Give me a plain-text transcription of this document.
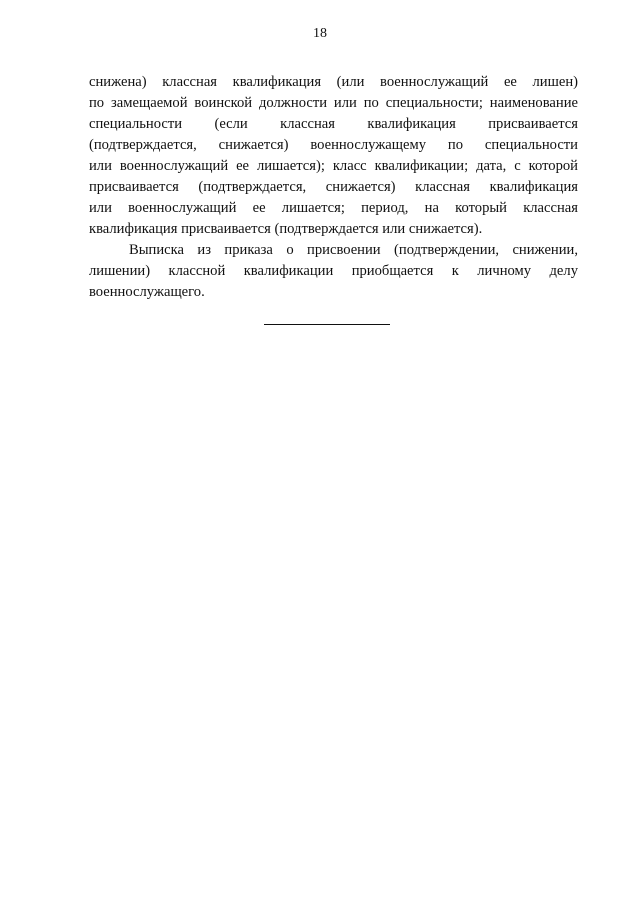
18
снижена) классная квалификация (или военнослужащий ее лишен)
по замещаемой воинской должности или по специальности; наименование
специальности (если классная квалификация присваивается
(подтверждается, снижается) военнослужащему по специальности
или военнослужащий ее лишается); класс квалификации; дата, с которой
присваивается (подтверждается, снижается) классная квалификация
или военнослужащий ее лишается; период, на который классная
квалификация присваивается (подтверждается или снижается).
Выписка из приказа о присвоении (подтверждении, снижении,
лишении) классной квалификации приобщается к личному делу
военнослужащего.
